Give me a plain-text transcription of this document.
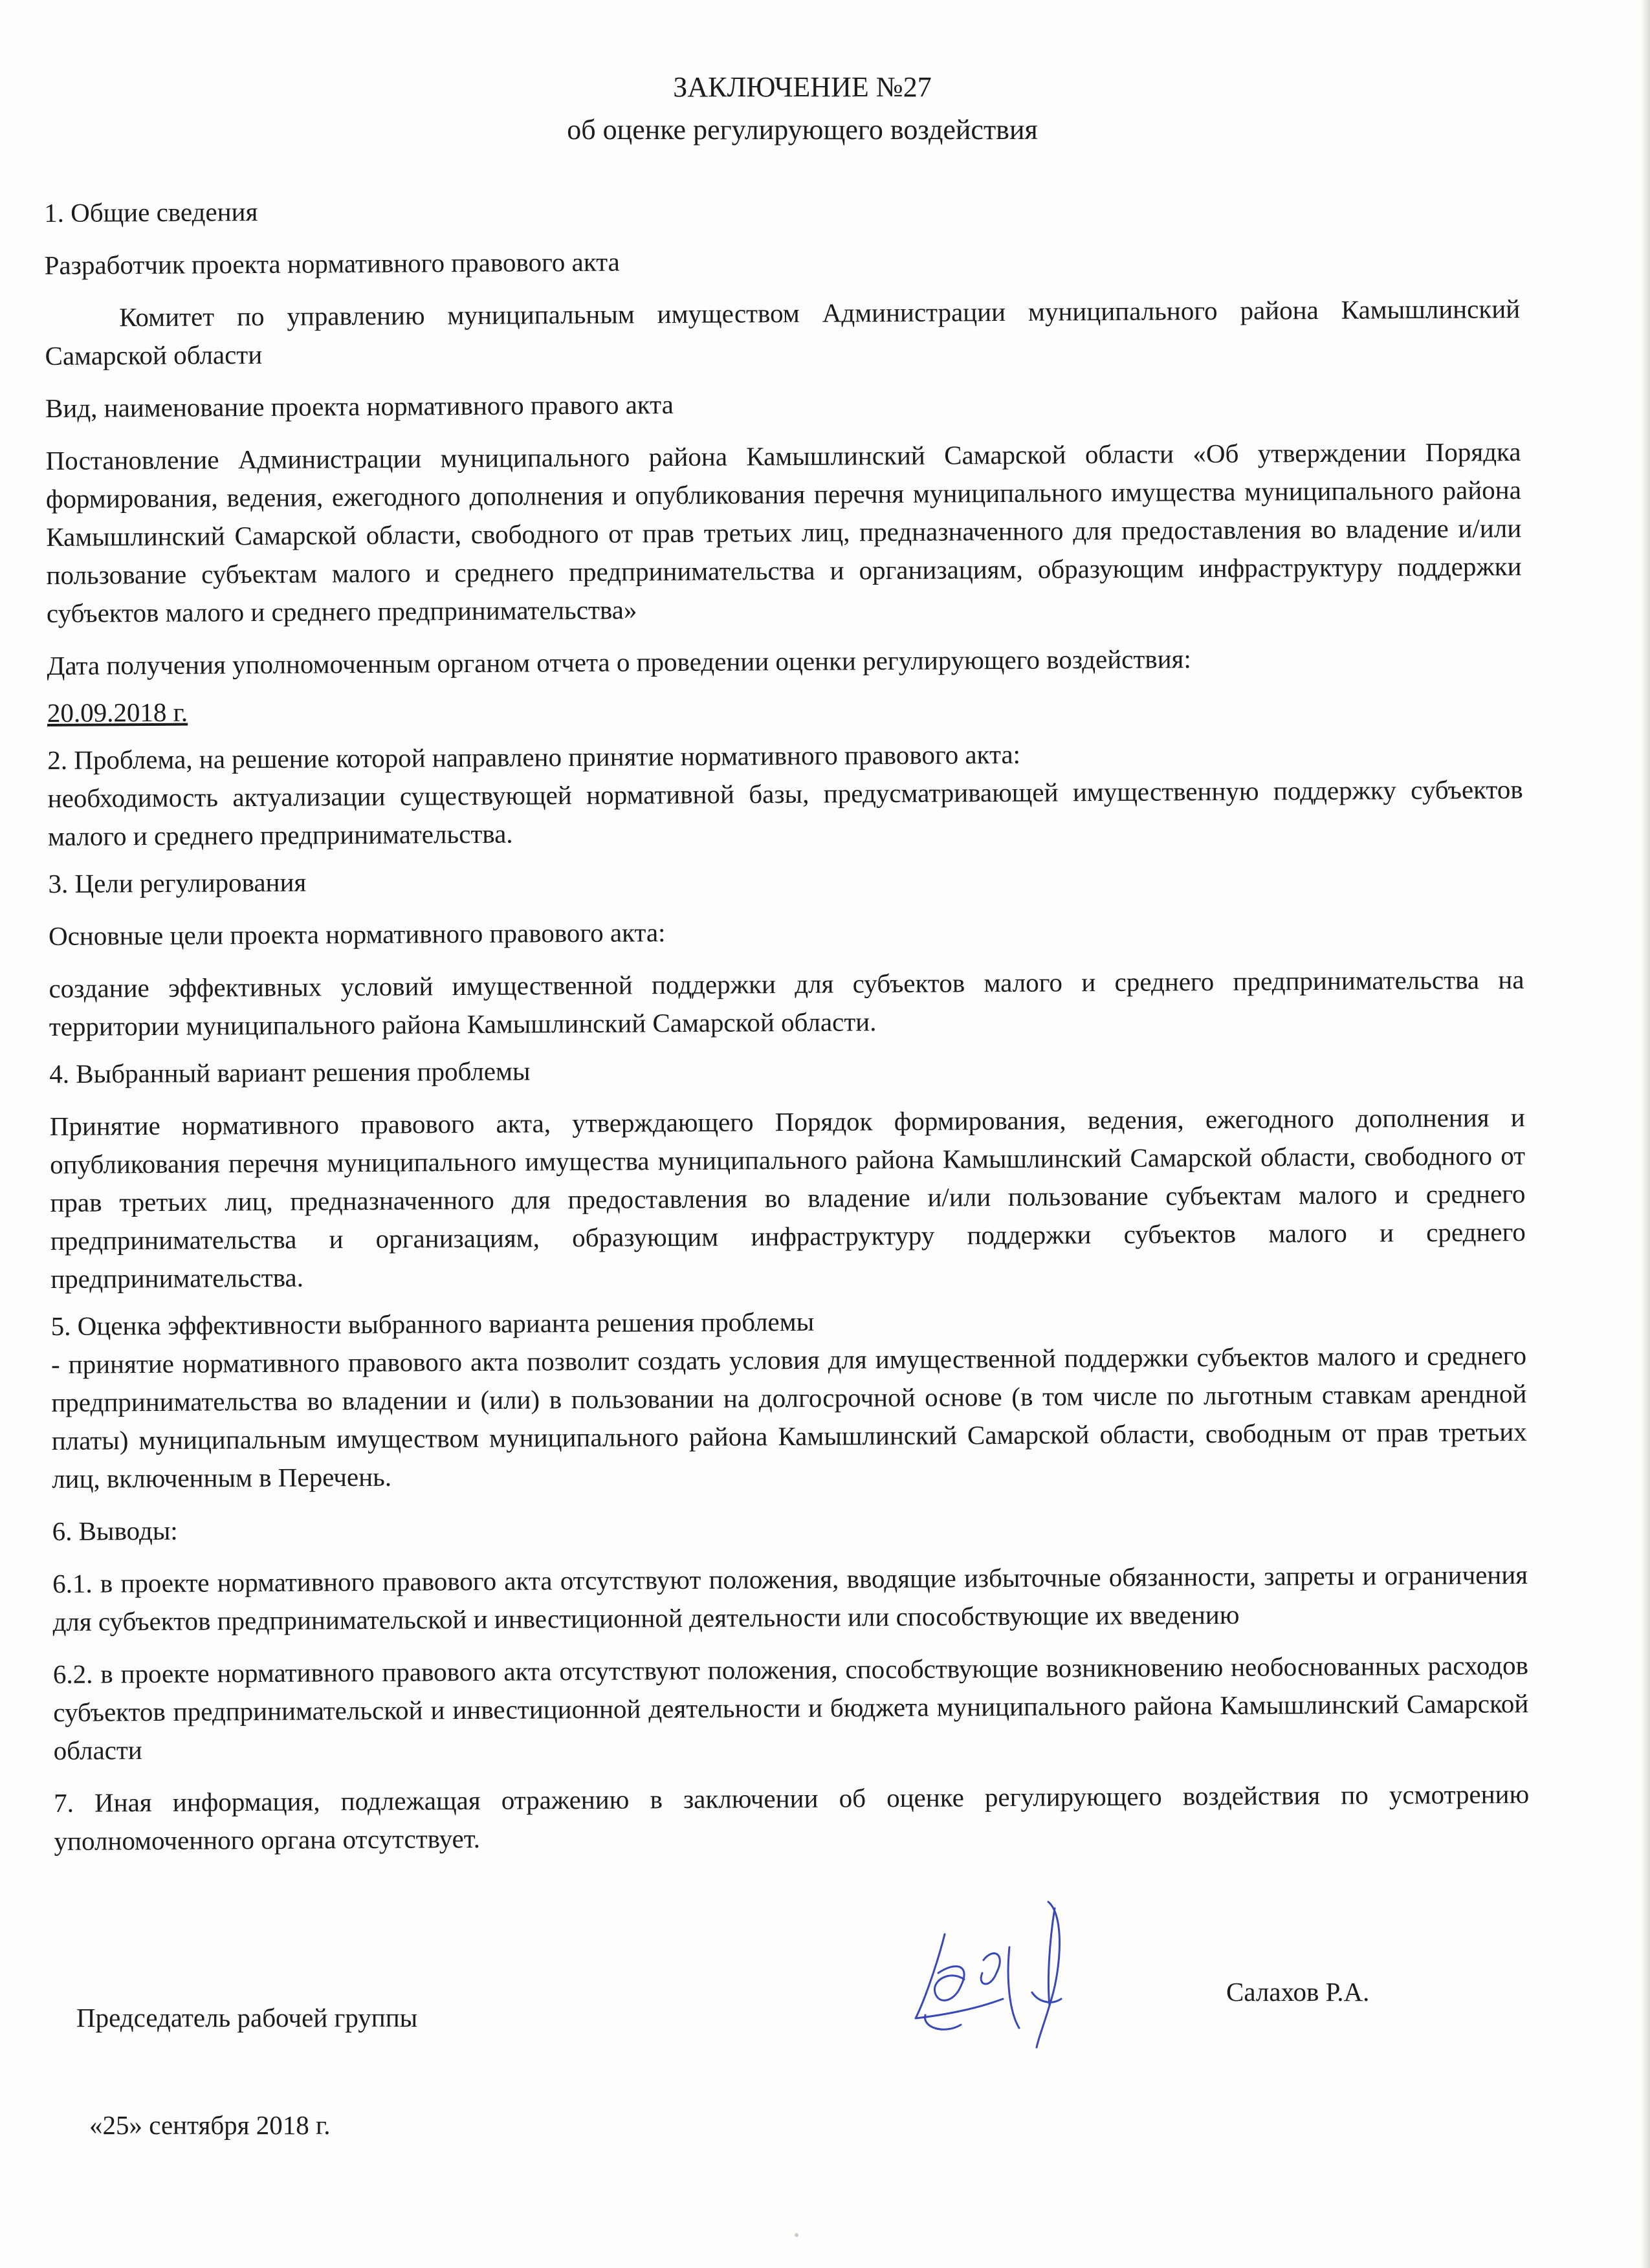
ЗАКЛЮЧЕНИЕ №27
об оценке регулирующего воздействия

1. Общие сведения

Разработчик проекта нормативного правового акта

Комитет по управлению муниципальным имуществом Администрации муниципального района Камышлинский Самарской области

Вид, наименование проекта нормативного правого акта

Постановление Администрации муниципального района Камышлинский Самарской области «Об утверждении Порядка формирования, ведения, ежегодного дополнения и опубликования перечня муниципального имущества муниципального района Камышлинский Самарской области, свободного от прав третьих лиц, предназначенного для предоставления во владение и/или пользование субъектам малого и среднего предпринимательства и организациям, образующим инфраструктуру поддержки субъектов малого и среднего предпринимательства»

Дата получения уполномоченным органом отчета о проведении оценки регулирующего воздействия:

20.09.2018 г.

2. Проблема, на решение которой направлено принятие нормативного правового акта:

необходимость актуализации существующей нормативной базы, предусматривающей имущественную поддержку субъектов малого и среднего предпринимательства.

3. Цели регулирования

Основные цели проекта нормативного правового акта:

создание эффективных условий имущественной поддержки для субъектов малого и среднего предпринимательства на территории муниципального района Камышлинский Самарской области.

4. Выбранный вариант решения проблемы

Принятие нормативного правового акта, утверждающего Порядок формирования, ведения, ежегодного дополнения и опубликования перечня муниципального имущества муниципального района Камышлинский Самарской области, свободного от прав третьих лиц, предназначенного для предоставления во владение и/или пользование субъектам малого и среднего предпринимательства и организациям, образующим инфраструктуру поддержки субъектов малого и среднего предпринимательства.

5. Оценка эффективности выбранного варианта решения проблемы

- принятие нормативного правового акта позволит создать условия для имущественной поддержки субъектов малого и среднего предпринимательства во владении и (или) в пользовании на долгосрочной основе (в том числе по льготным ставкам арендной платы) муниципальным имуществом муниципального района Камышлинский Самарской области, свободным от прав третьих лиц, включенным в Перечень.

6. Выводы:

6.1. в проекте нормативного правового акта отсутствуют положения, вводящие избыточные обязанности, запреты и ограничения для субъектов предпринимательской и инвестиционной деятельности или способствующие их введению

6.2. в проекте нормативного правового акта отсутствуют положения, способствующие возникновению необоснованных расходов субъектов предпринимательской и инвестиционной деятельности и бюджета муниципального района Камышлинский Самарской области

7. Иная информация, подлежащая отражению в заключении об оценке регулирующего воздействия по усмотрению уполномоченного органа отсутствует.

Председатель рабочей группы
Салахов Р.А.
«25» сентября 2018 г.
